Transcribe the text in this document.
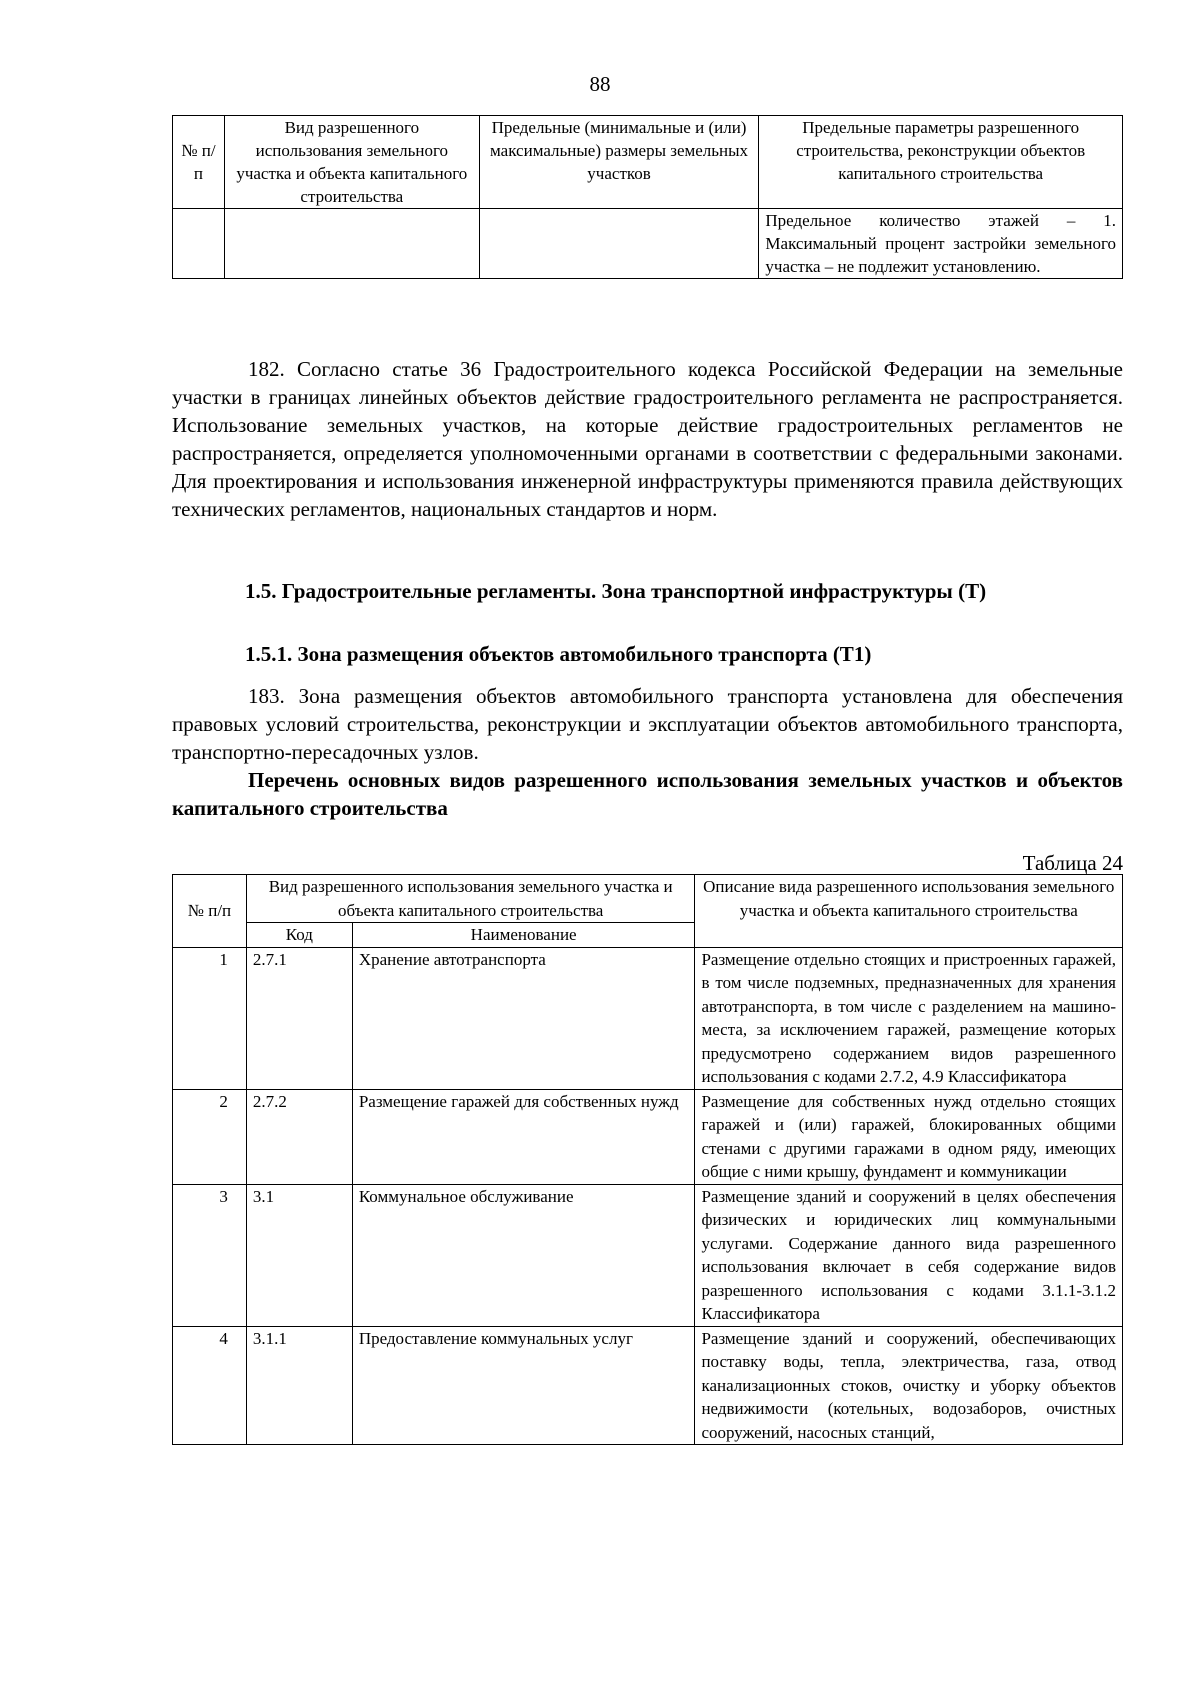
88
№ п/п	Вид разрешенного использования земельного участка и объекта капитального строительства	Предельные (минимальные и (или) максимальные) размеры земельных участков	Предельные параметры разрешенного строительства, реконструкции объектов капитального строительства
			Предельное количество этажей – 1. Максимальный процент застройки земельного участка – не подлежит установлению.

182. Согласно статье 36 Градостроительного кодекса Российской Федерации на земельные участки в границах линейных объектов действие градостроительного регламента не распространяется. Использование земельных участков, на которые действие градостроительных регламентов не распространяется, определяется уполномоченными органами в соответствии с федеральными законами. Для проектирования и использования инженерной инфраструктуры применяются правила действующих технических регламентов, национальных стандартов и норм.

1.5. Градостроительные регламенты. Зона транспортной инфраструктуры (Т)
1.5.1. Зона размещения объектов автомобильного транспорта (Т1)

183. Зона размещения объектов автомобильного транспорта установлена для обеспечения правовых условий строительства, реконструкции и эксплуатации объектов автомобильного транспорта, транспортно-пересадочных узлов.

Перечень основных видов разрешенного использования земельных участков и объектов капитального строительства

Таблица 24

№ п/п	Вид разрешенного использования земельного участка и объекта капитального строительства		Описание вида разрешенного использования земельного участка и объекта капитального строительства
	Код	Наименование	
1	2.7.1	Хранение автотранспорта	Размещение отдельно стоящих и пристроенных гаражей, в том числе подземных, предназначенных для хранения автотранспорта, в том числе с разделением на машино-места, за исключением гаражей, размещение которых предусмотрено содержанием видов разрешенного использования с кодами 2.7.2, 4.9 Классификатора
2	2.7.2	Размещение гаражей для собственных нужд	Размещение для собственных нужд отдельно стоящих гаражей и (или) гаражей, блокированных общими стенами с другими гаражами в одном ряду, имеющих общие с ними крышу, фундамент и коммуникации
3	3.1	Коммунальное обслуживание	Размещение зданий и сооружений в целях обеспечения физических и юридических лиц коммунальными услугами. Содержание данного вида разрешенного использования включает в себя содержание видов разрешенного использования с кодами 3.1.1-3.1.2 Классификатора
4	3.1.1	Предоставление коммунальных услуг	Размещение зданий и сооружений, обеспечивающих поставку воды, тепла, электричества, газа, отвод канализационных стоков, очистку и уборку объектов недвижимости (котельных, водозаборов, очистных сооружений, насосных станций,
